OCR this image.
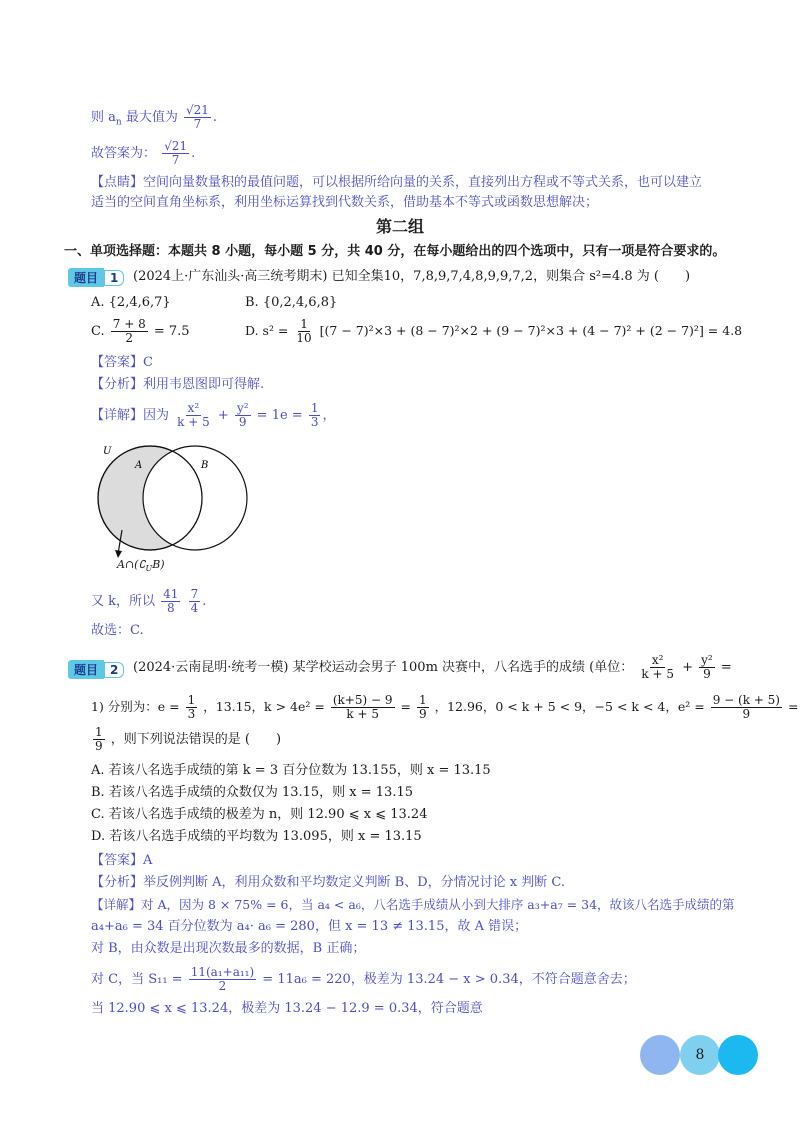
则 $a_n$ 最大值为 $\frac{√21}{7}$ .
故答案为： $\frac{√21}{7}$ .
【点睛】空间向量数量积的最值问题，可以根据所给向量的关系，直接列出方程或不等式关系，也可以建立
适当的空间直角坐标系，利用坐标运算找到代数关系，借助基本不等式或函数思想解决；
第二组
一、单项选择题：本题共 8 小题，每小题 5 分，共 40 分，在每小题给出的四个选项中，只有一项是符合要求的。
题目	1	(2024上·广东汕头·高三统考期末) 已知全集10，7,8,9,7,4,8,9,9,7,2，则集合 s²=4.8 为 (　　)
A. {2,4,6,7}	B. {0,2,4,6,8}
C. $\frac{7 + 8}{2} = 7.5$	D. $s^2 = \frac{1}{10} [(7 - 7)^2\times 3 + (8 - 7)^2\times 2 + (9 - 7)^2\times 3 + (4 - 7)^2 + (2 - 7)^2] = 4.8$
【答案】C
【分析】利用韦恩图即可得解.
【详解】因为 $\frac{\text{x²}}{k + 5} + \frac{\text{y²}}{9} = 1e = \frac{1}{3}$ ，
U
A	B
$A\cap(∁_UB)$
又 k，所以 $\frac{41}{8}$
$\frac{7}{4}$ .
故选：C.
题目	2	(2024·云南昆明·统考一模) 某学校运动会男子 100m 决赛中，八名选手的成绩 (单位： $\frac{\text{x²}}{k + 5} + \frac{\text{y²}}{9}$ =
1) 分别为：$e = \frac{1}{3}$ ，13.15，$k > 4e^2 = \frac{(k+5) - 9}{k + 5} = \frac{1}{9}$ ，12.96，0 < k + 5 < 9，−5 < k < 4，$e^2 = \frac{9 - (k + 5)}{9}$ =
$\frac{1}{9}$ ，则下列说法错误的是 (　　)
A. 若该八名选手成绩的第 k = 3 百分位数为 13.155，则 x = 13.15
B. 若该八名选手成绩的众数仅为 13.15，则 x = 13.15
C. 若该八名选手成绩的极差为 n，则 12.90 ⩽ x ⩽ 13.24
D. 若该八名选手成绩的平均数为 13.095，则 x = 13.15
【答案】A
【分析】举反例判断 A，利用众数和平均数定义判断 B、D，分情况讨论 x 判断 C.
【详解】对 A，因为 8 × 75% = 6，当 a₄ < a₆，八名选手成绩从小到大排序 a₃+a₇ = 34，故该八名选手成绩的第
a₄+a₆ = 34 百分位数为 a₄· a₆ = 280，但 x = 13 ≠ 13.15，故 A 错误；
对 B，由众数是出现次数最多的数据，B 正确；
对 C，当 $S_{11} = \frac{\text{11(a₁+a₁₁)}}{2} = 11a_6 = 220$，极差为 13.24 − x > 0.34，不符合题意舍去；
当 12.90 ⩽ x ⩽ 13.24，极差为 13.24 − 12.9 = 0.34，符合题意
8
